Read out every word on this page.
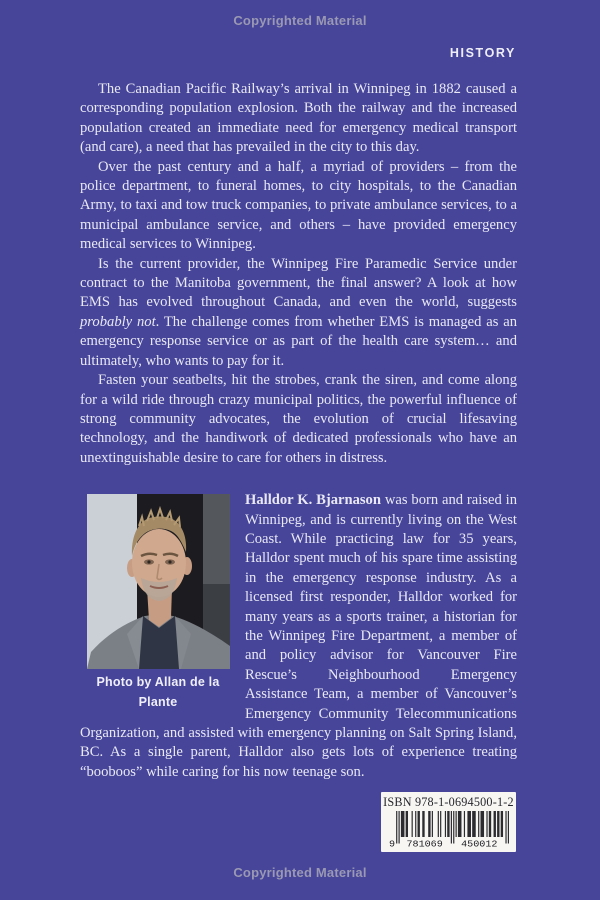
Copyrighted Material
HISTORY

The Canadian Pacific Railway’s arrival in Winnipeg in 1882 caused a corresponding population explosion. Both the railway and the increased population created an immediate need for emergency medical transport (and care), a need that has prevailed in the city to this day.

Over the past century and a half, a myriad of providers – from the police department, to funeral homes, to city hospitals, to the Canadian Army, to taxi and tow truck companies, to private ambulance services, to a municipal ambulance service, and others – have provided emergency medical services to Winnipeg.

Is the current provider, the Winnipeg Fire Paramedic Service under contract to the Manitoba government, the final answer? A look at how EMS has evolved throughout Canada, and even the world, suggests probably not. The challenge comes from whether EMS is managed as an emergency response service or as part of the health care system… and ultimately, who wants to pay for it.

Fasten your seatbelts, hit the strobes, crank the siren, and come along for a wild ride through crazy municipal politics, the powerful influence of strong community advocates, the evolution of crucial lifesaving technology, and the handiwork of dedicated professionals who have an unextinguishable desire to care for others in distress.

Photo by Allan de la Plante

Halldor K. Bjarnason was born and raised in Winnipeg, and is currently living on the West Coast. While practicing law for 35 years, Halldor spent much of his spare time assisting in the emergency response industry. As a licensed first responder, Halldor worked for many years as a sports trainer, a historian for the Winnipeg Fire Department, a member of and policy advisor for Vancouver Fire Rescue’s Neighbourhood Emergency Assistance Team, a member of Vancouver’s Emergency Community Telecommunications Organization, and assisted with emergency planning on Salt Spring Island, BC. As a single parent, Halldor also gets lots of experience treating “booboos” while caring for his now teenage son.

ISBN 978-1-0694500-1-2
9 781069 450012
Copyrighted Material
